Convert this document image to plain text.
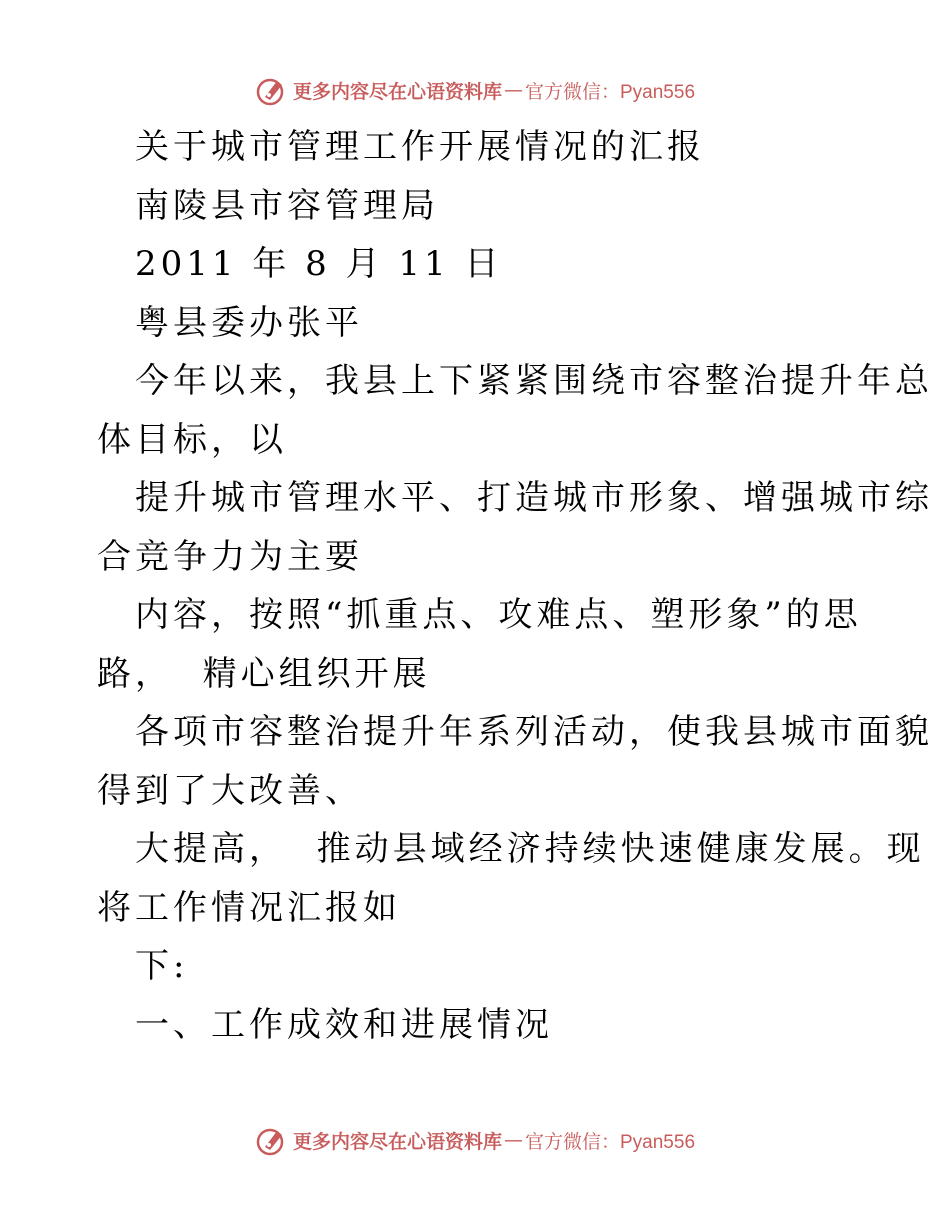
更多内容尽在心语资料库 — 官方微信：Pyan556
关于城市管理工作开展情况的汇报
南陵县市容管理局
2011 年 8 月 11 日
粤县委办张平
今年以来，我县上下紧紧围绕市容整治提升年总
体目标，以
提升城市管理水平、打造城市形象、增强城市综
合竞争力为主要
内容，按照“抓重点、攻难点、塑形象”的思
路，  精心组织开展
各项市容整治提升年系列活动，使我县城市面貌
得到了大改善、
大提高，  推动县域经济持续快速健康发展。现
将工作情况汇报如
下:
一、工作成效和进展情况
更多内容尽在心语资料库 — 官方微信：Pyan556
